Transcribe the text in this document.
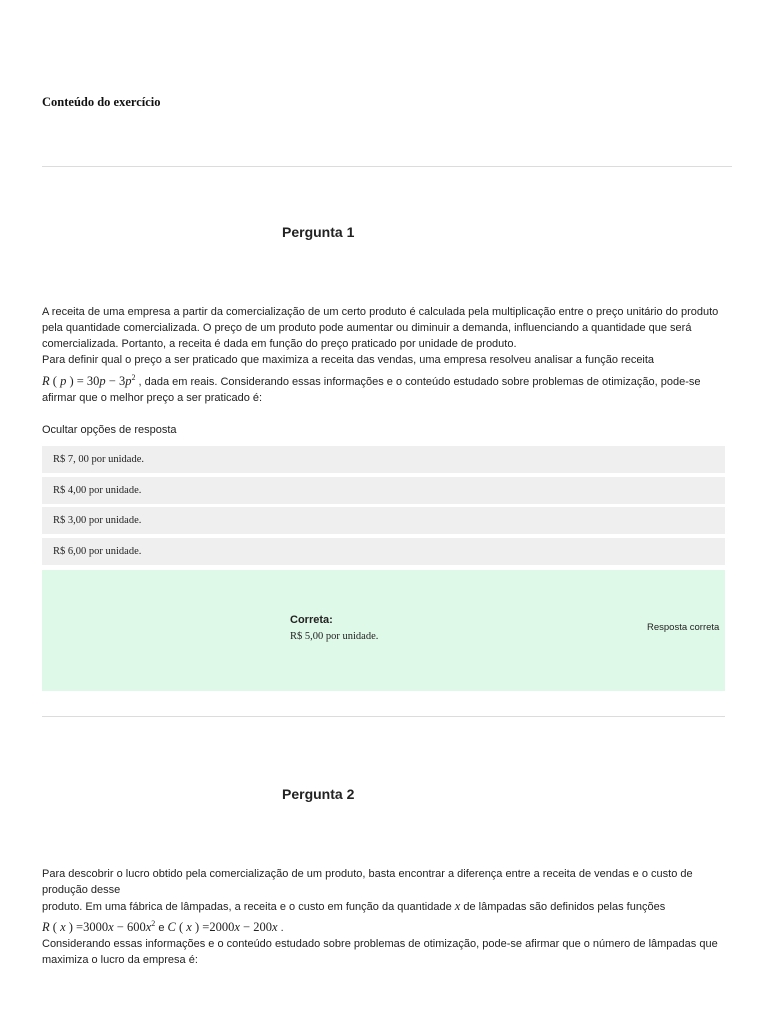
Conteúdo do exercício
Pergunta 1

A receita de uma empresa a partir da comercialização de um certo produto é calculada pela multiplicação entre o preço unitário do produto pela quantidade comercializada. O preço de um produto pode aumentar ou diminuir a demanda, influenciando a quantidade que será comercializada. Portanto, a receita é dada em função do preço praticado por unidade de produto.

Para definir qual o preço a ser praticado que maximiza a receita das vendas, uma empresa resolveu analisar a função receita

R ( p ) = $30p - 3p^2$ , dada em reais. Considerando essas informações e o conteúdo estudado sobre problemas de otimização, pode-se afirmar que o melhor preço a ser praticado é:

Ocultar opções de resposta
R$ 7, 00 por unidade.
R$ 4,00 por unidade.
R$ 3,00 por unidade.
R$ 6,00 por unidade.
Correta:
R$ 5,00 por unidade.
Resposta correta
Pergunta 2

Para descobrir o lucro obtido pela comercialização de um produto, basta encontrar a diferença entre a receita de vendas e o custo de produção desse

produto. Em uma fábrica de lâmpadas, a receita e o custo em função da quantidade x de lâmpadas são definidos pelas funções

R ( x ) $=3000x - 600x^2$ e C ( x ) =2000x − 200x .

Considerando essas informações e o conteúdo estudado sobre problemas de otimização, pode-se afirmar que o número de lâmpadas que maximiza o lucro da empresa é:
